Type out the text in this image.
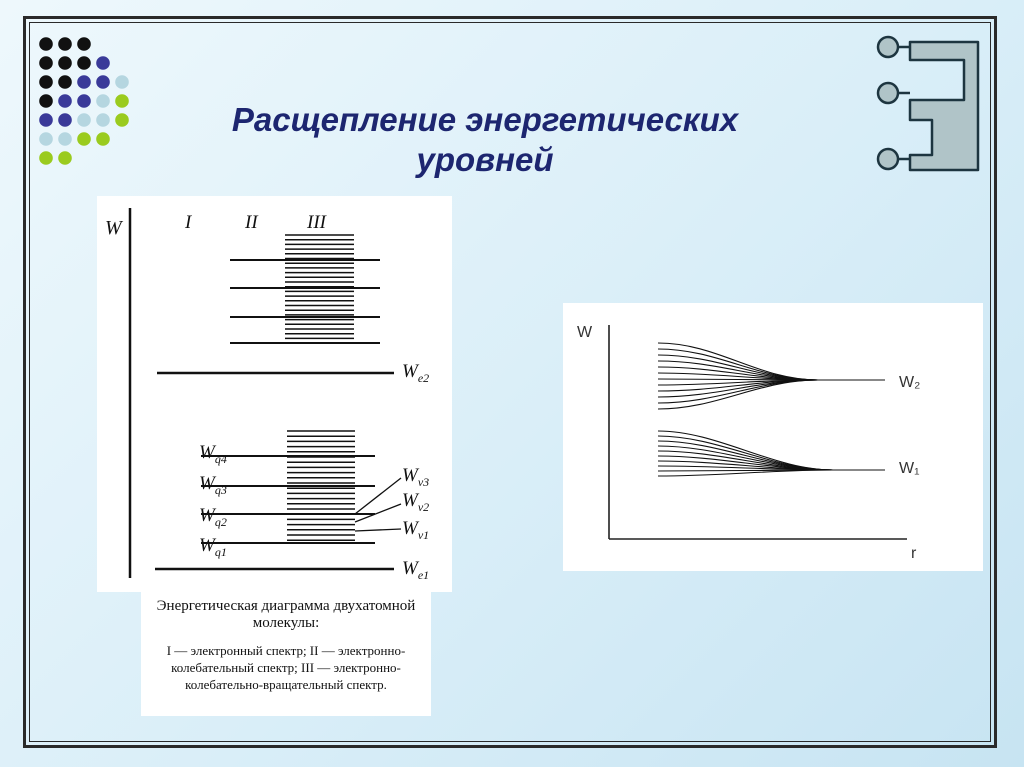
Расщепление энергетических
уровней
W	I	II	III
$W_{e2}$
$W_{e1}$
$W_{q4}$
$W_{q3}$
$W_{q2}$
$W_{q1}$
$W_{v3}$
$W_{v2}$
$W_{v1}$
Энергетическая диаграмма двухатомной молекулы:
I — электронный спектр; II — электронно-колебательный спектр; III — электронно-колебательно-вращательный спектр.
W
r
W₂
W₁
